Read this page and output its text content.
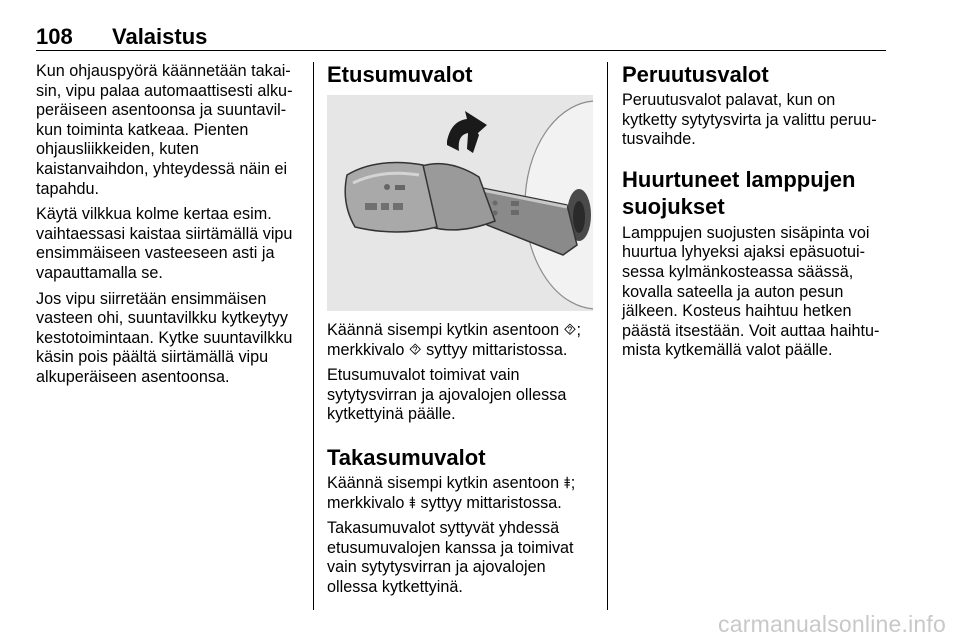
108 Valaistus

Kun ohjauspyörä käännetään takaisin, vipu palaa automaattisesti alkuperäiseen asentoonsa ja suuntavilkun toiminta katkeaa. Pienten ohjausliikkeiden, kuten kaistanvaihdon, yhteydessä näin ei tapahdu.

Käytä vilkkua kolme kertaa esim. vaihtaessasi kaistaa siirtämällä vipu ensimmäiseen vasteeseen asti ja vapauttamalla se.

Jos vipu siirretään ensimmäisen vasteen ohi, suuntavilkku kytkeytyy kestotoimintaan. Kytke suuntavilkku käsin pois päältä siirtämällä vipu alkuperäiseen asentoonsa.

Etusumuvalot

Käännä sisempi kytkin asentoon ⯑; merkkivalo ⯑ syttyy mittaristossa.

Etusumuvalot toimivat vain sytytysvirran ja ajovalojen ollessa kytkettyinä päälle.

Takasumuvalot

Käännä sisempi kytkin asentoon ⯒; merkkivalo ⯒ syttyy mittaristossa.

Takasumuvalot syttyvät yhdessä etusumuvalojen kanssa ja toimivat vain sytytysvirran ja ajovalojen ollessa kytkettyinä.

Peruutusvalot

Peruutusvalot palavat, kun on kytketty sytytysvirta ja valittu peruutusvaihde.

Huurtuneet lamppujen suojukset

Lamppujen suojusten sisäpinta voi huurtua lyhyeksi ajaksi epäsuotuisessa kylmänkosteassa säässä, kovalla sateella ja auton pesun jälkeen. Kosteus haihtuu hetken päästä itsestään. Voit auttaa haihtumista kytkemällä valot päälle.

carmanualsonline.info
